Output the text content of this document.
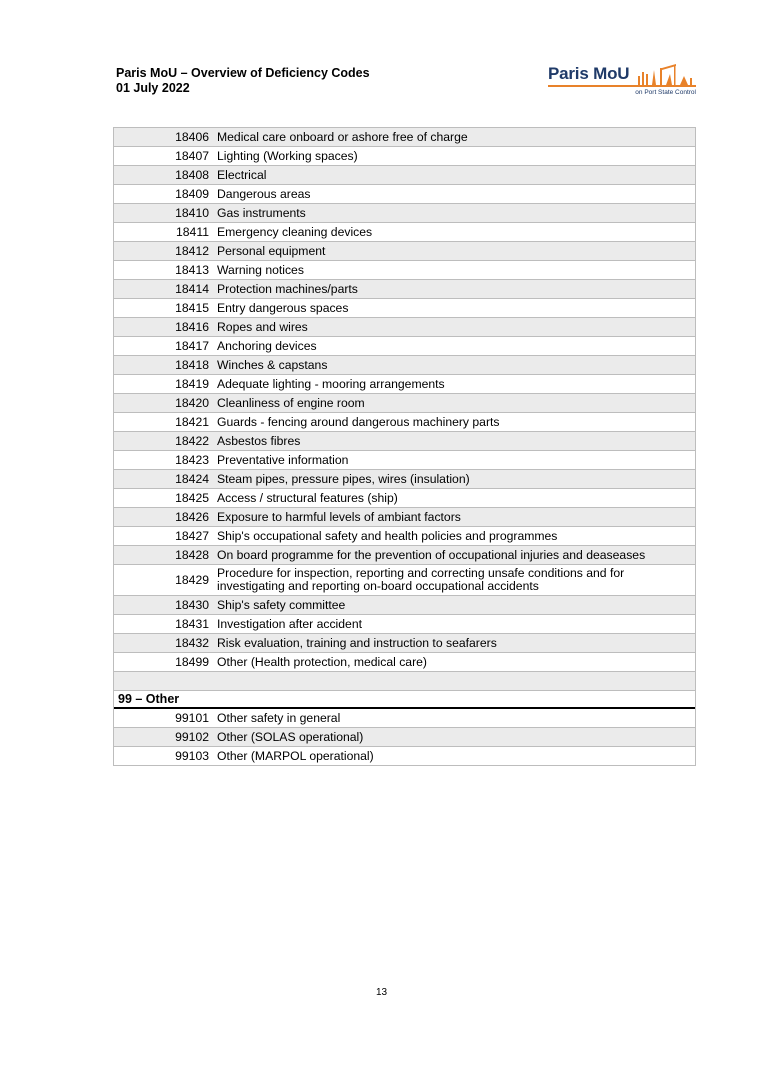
Paris MoU – Overview of Deficiency Codes
01 July 2022
Paris MoU
on Port State Control
18406 Medical care onboard or ashore free of charge
18407 Lighting (Working spaces)
18408 Electrical
18409 Dangerous areas
18410 Gas instruments
18411 Emergency cleaning devices
18412 Personal equipment
18413 Warning notices
18414 Protection machines/parts
18415 Entry dangerous spaces
18416 Ropes and wires
18417 Anchoring devices
18418 Winches & capstans
18419 Adequate lighting - mooring arrangements
18420 Cleanliness of engine room
18421 Guards - fencing around dangerous machinery parts
18422 Asbestos fibres
18423 Preventative information
18424 Steam pipes, pressure pipes, wires (insulation)
18425 Access / structural features (ship)
18426 Exposure to harmful levels of ambiant factors
18427 Ship's occupational safety and health policies and programmes
18428 On board programme for the prevention of occupational injuries and deaseases
18429 Procedure for inspection, reporting and correcting unsafe conditions and for investigating and reporting on-board occupational accidents
18430 Ship's safety committee
18431 Investigation after accident
18432 Risk evaluation, training and instruction to seafarers
18499 Other (Health protection, medical care)
99 – Other
99101 Other safety in general
99102 Other (SOLAS operational)
99103 Other (MARPOL operational)
13
